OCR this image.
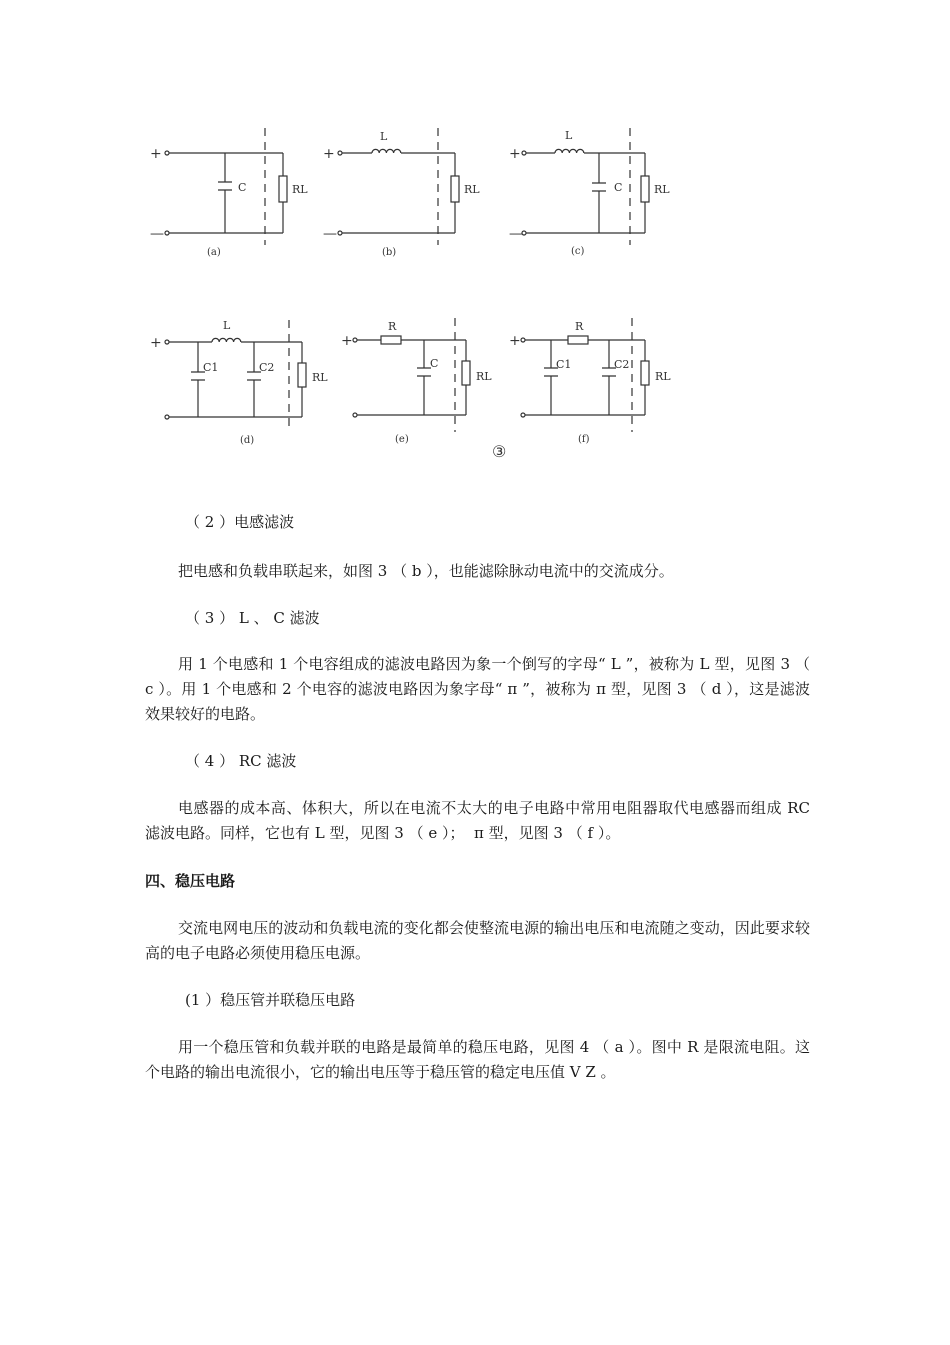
+
—
C	RL
(a)
+
—
L
RL
(b)
+
—
L
C	RL
(c)
+
L
C1	C2
RL
(d)
+
R
C
RL
(e)
+
R
C1	C2
RL
(f)
③

（ 2 ）电感滤波

把电感和负载串联起来，如图 3 （ b ），也能滤除脉动电流中的交流成分。

（ 3 ） L 、 C 滤波

用 1 个电感和 1 个电容组成的滤波电路因为象一个倒写的字母“ L ”，被称为 L 型，见图 3 （ c ）。用 1 个电感和 2 个电容的滤波电路因为象字母“ π ”，被称为 π 型，见图 3 （ d ），这是滤波效果较好的电路。

（ 4 ） RC 滤波

电感器的成本高、体积大，所以在电流不太大的电子电路中常用电阻器取代电感器而组成 RC 滤波电路。同样，它也有 L 型，见图 3 （ e ）；  π 型，见图 3 （ f ）。

四、稳压电路

交流电网电压的波动和负载电流的变化都会使整流电源的输出电压和电流随之变动，因此要求较高的电子电路必须使用稳压电源。

(1 ）稳压管并联稳压电路

用一个稳压管和负载并联的电路是最简单的稳压电路，见图 4 （ a ）。图中 R 是限流电阻。这个电路的输出电流很小，它的输出电压等于稳压管的稳定电压值 V Z 。
